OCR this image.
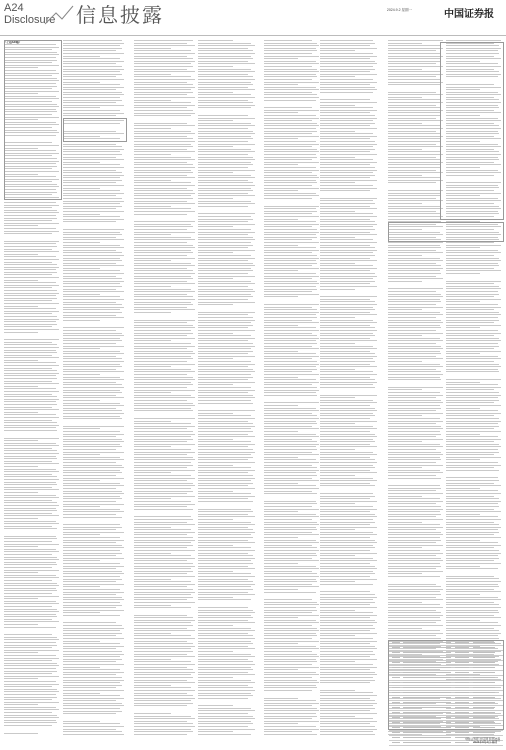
A24
Disclosure 信息披露	2024.9.2 星期一	中国证券报
（上接A23版）
中国证券报·中证网 信息披露
2024年9月2日 星期一
